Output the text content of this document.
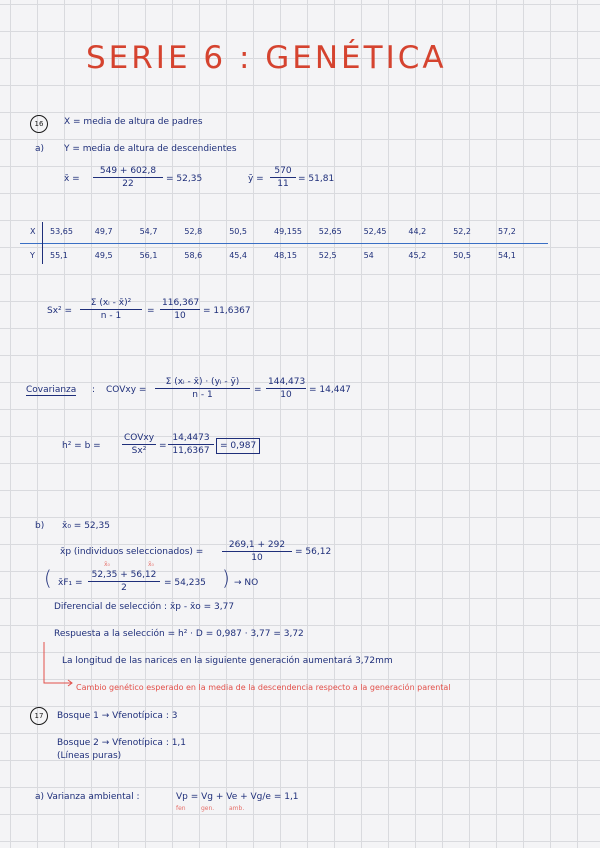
SERIE 6 : GENÉTICA
16	X = media de altura de padres
a) Y = media de altura de descendientes
x̄ = $\frac{549 + 602,8}{22} = 52,35$	ȳ = $\frac{570}{11} = 51,81$
X
Y
53,65	49,7	54,7	52,8	50,5	49,155 52,65	52,45	44,2	52,2	57,2
55,1	49,5	56,1	58,6	45,4	48,15	52,5	54	45,2	50,5	54,1
$Sx^2 = \frac{\text{Σ (xᵢ - x̄)²}}{n - 1} = \frac{116,367}{10} = 11,6367$
Covarianza : COVxy = $\frac{\text{Σ (xᵢ - x̄) · (yᵢ - ȳ)}}{n - 1} = \frac{144,473}{10} = 14,447$
h² = b =
COVxy
Sx²	= $\frac{14,4473}{11,6367} = 0,987$
b) x̄₀ = 52,35
x̄p (individuos seleccionados) = $\frac{269,1 + 292}{10} = 56,12$
x̄₀	x̄₀
( x̄F₁ = $\frac{52,35 + 56,12}{2} = 54,235$ ) → NO
Diferencial de selección : x̄p - x̄o = 3,77
Respuesta a la selección = h² · D = 0,987 · 3,77 = 3,72
La longitud de las narices en la siguiente generación aumentará 3,72mm
Cambio genético esperado en la media de la descendencia respecto a la generación parental
17	Bosque 1 → Vfenotípica : 3
Bosque 2 → Vfenotípica : 1,1
(Líneas puras)
a) Varianza ambiental :	Vp = Vg + Ve + Vg/e = 1,1
fen	gen. amb.
